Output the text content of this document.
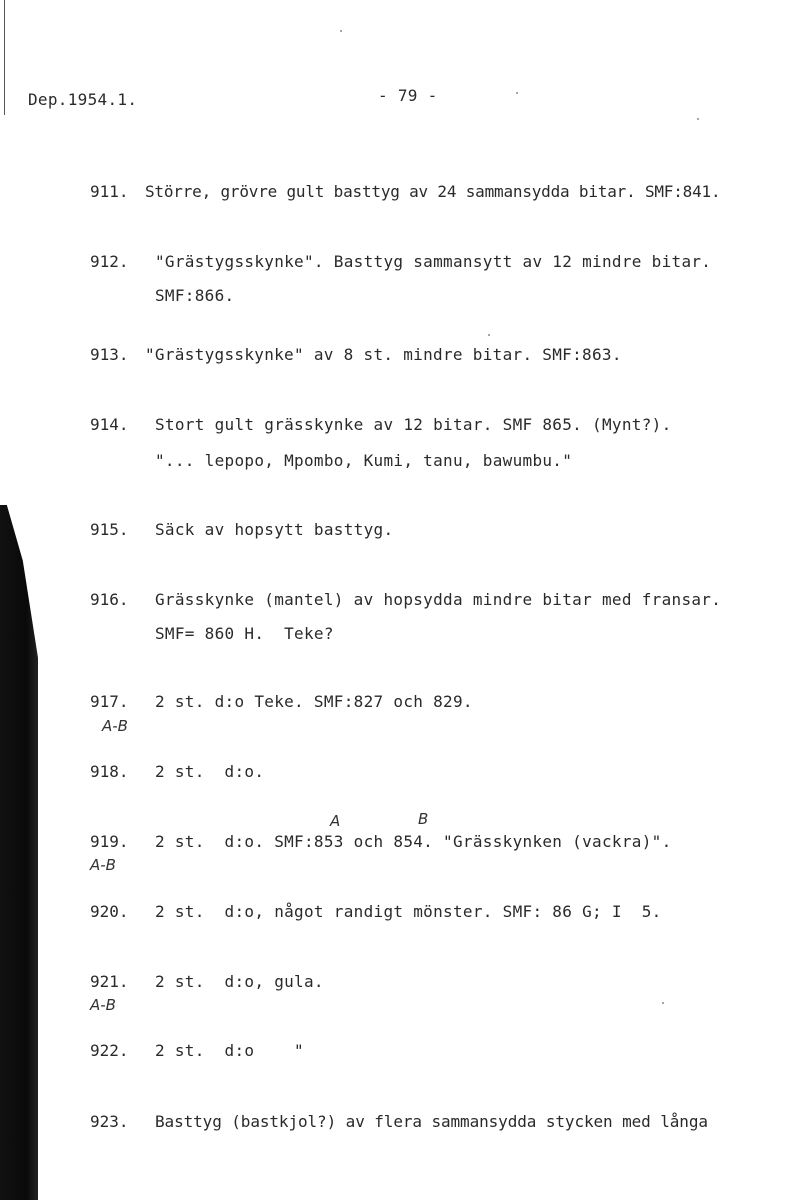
Dep.1954.1.	- 79 -
911. Större, grövre gult basttyg av 24 sammansydda bitar. SMF:841.
912. "Grästygsskynke". Basttyg sammansytt av 12 mindre bitar.
SMF:866.
913. "Grästygsskynke" av 8 st. mindre bitar. SMF:863.
914. Stort gult grässkynke av 12 bitar. SMF 865. (Mynt?).
"... lepopo, Mpombo, Kumi, tanu, bawumbu."
915. Säck av hopsytt basttyg.
916. Grässkynke (mantel) av hopsydda mindre bitar med fransar.
SMF= 860 H.  Teke?
917. 2 st. d:o Teke. SMF:827 och 829.
A-B
918. 2 st.  d:o.
A	B
919. 2 st.  d:o. SMF:853 och 854. "Grässkynken (vackra)".
A-B
920. 2 st.  d:o, något randigt mönster. SMF: 86 G; I  5.
921. 2 st.  d:o, gula.
A-B
922. 2 st.  d:o    "
923. Basttyg (bastkjol?) av flera sammansydda stycken med långa
